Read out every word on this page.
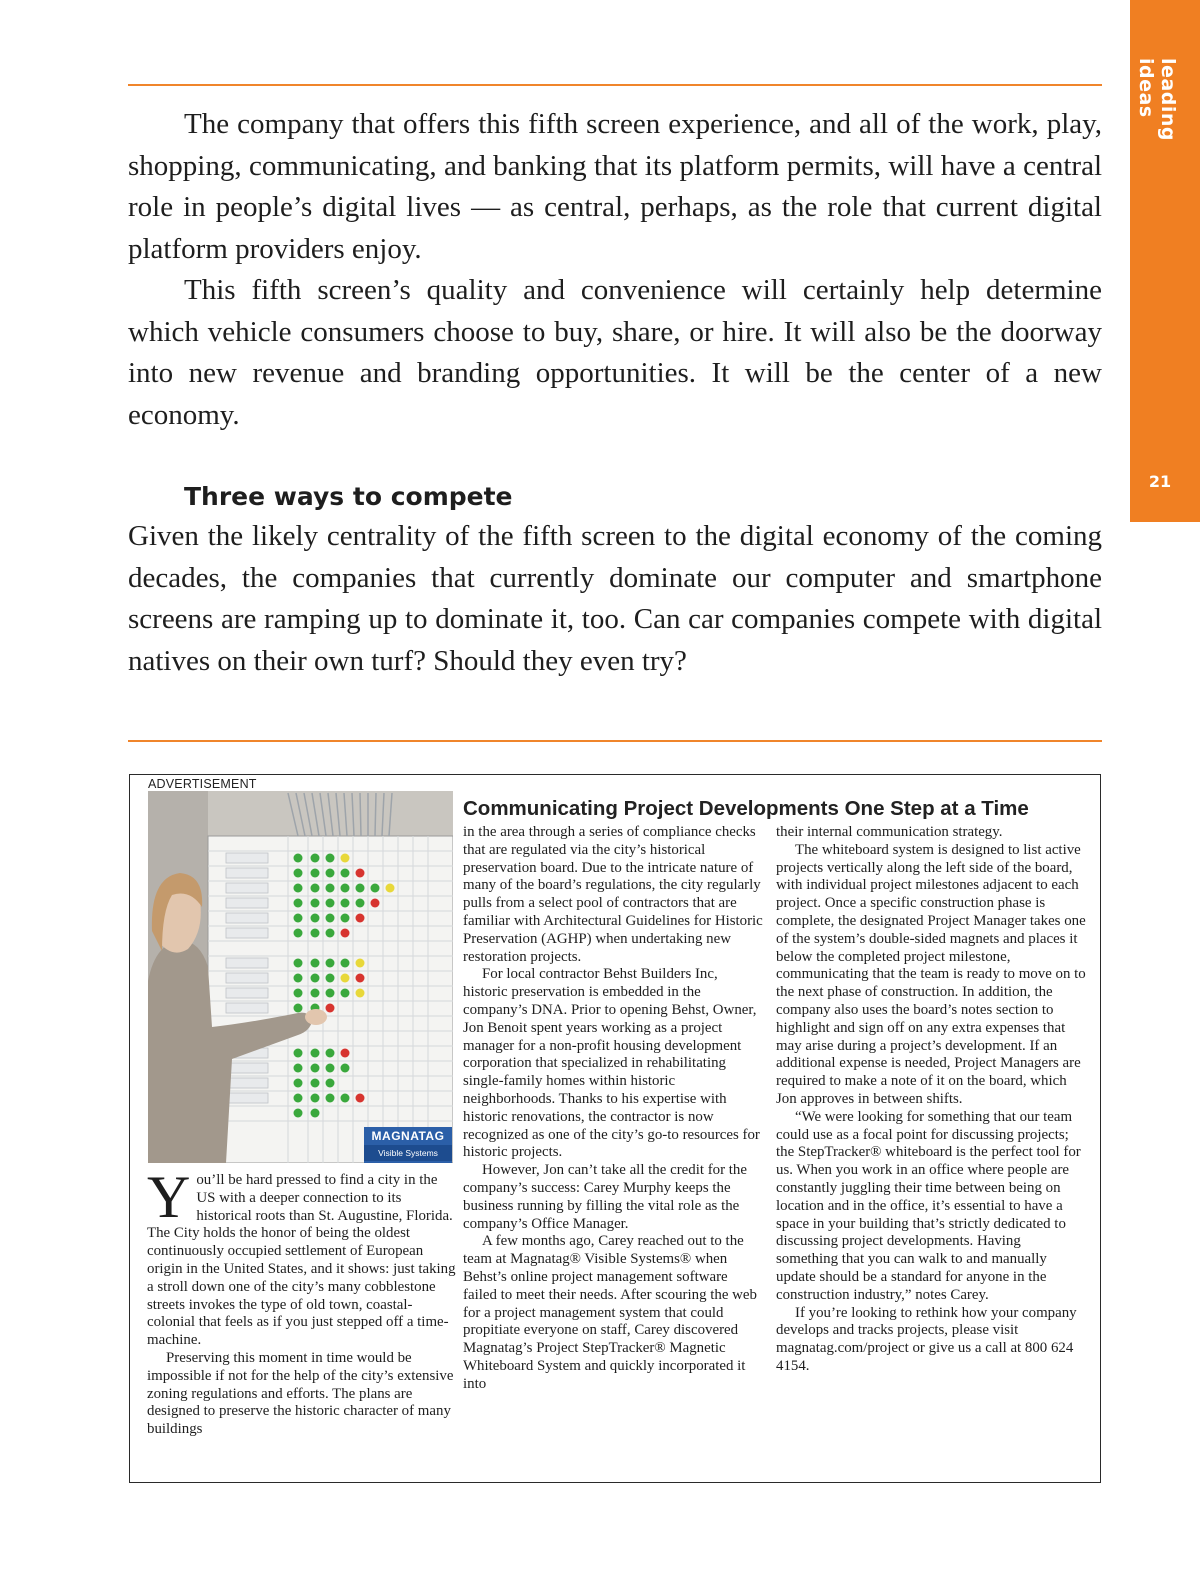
leading ideas
21

The company that offers this fifth screen experience, and all of the work, play, shopping, communicating, and banking that its platform permits, will have a central role in people’s digital lives — as central, perhaps, as the role that current digital platform providers enjoy.

This fifth screen’s quality and convenience will certainly help determine which vehicle consumers choose to buy, share, or hire. It will also be the doorway into new revenue and branding opportunities. It will be the center of a new economy.

Three ways to compete

Given the likely centrality of the fifth screen to the digital economy of the coming decades, the companies that currently dominate our computer and smartphone screens are ramping up to dominate it, too. Can car companies compete with digital natives on their own turf? Should they even try?

ADVERTISEMENT
Communicating Project Developments One Step at a Time
MAGNATAG
Visible Systems

You’ll be hard pressed to find a city in the US with a deeper connection to its historical roots than St. Augustine, Florida. The City holds the honor of being the oldest continuously occupied settlement of European origin in the United States, and it shows: just taking a stroll down one of the city’s many cobblestone streets invokes the type of old town, coastal-colonial that feels as if you just stepped off a time-machine.

Preserving this moment in time would be impossible if not for the help of the city’s extensive zoning regulations and efforts. The plans are designed to preserve the historic character of many buildings

in the area through a series of compliance checks that are regulated via the city’s historical preservation board. Due to the intricate nature of many of the board’s regulations, the city regularly pulls from a select pool of contractors that are familiar with Architectural Guidelines for Historic Preservation (AGHP) when undertaking new restoration projects.

For local contractor Behst Builders Inc, historic preservation is embedded in the company’s DNA. Prior to opening Behst, Owner, Jon Benoit spent years working as a project manager for a non-profit housing development corporation that specialized in rehabilitating single-family homes within historic neighborhoods. Thanks to his expertise with historic renovations, the contractor is now recognized as one of the city’s go-to resources for historic projects.

However, Jon can’t take all the credit for the company’s success: Carey Murphy keeps the business running by filling the vital role as the company’s Office Manager.

A few months ago, Carey reached out to the team at Magnatag® Visible Systems® when Behst’s online project management software failed to meet their needs. After scouring the web for a project management system that could propitiate everyone on staff, Carey discovered Magnatag’s Project StepTracker® Magnetic Whiteboard System and quickly incorporated it into

their internal communication strategy.

The whiteboard system is designed to list active projects vertically along the left side of the board, with individual project milestones adjacent to each project. Once a specific construction phase is complete, the designated Project Manager takes one of the system’s double-sided magnets and places it below the completed project milestone, communicating that the team is ready to move on to the next phase of construction. In addition, the company also uses the board’s notes section to highlight and sign off on any extra expenses that may arise during a project’s development. If an additional expense is needed, Project Managers are required to make a note of it on the board, which Jon approves in between shifts.

“We were looking for something that our team could use as a focal point for discussing projects; the StepTracker® whiteboard is the perfect tool for us. When you work in an office where people are constantly juggling their time between being on location and in the office, it’s essential to have a space in your building that’s strictly dedicated to discussing project developments. Having something that you can walk to and manually update should be a standard for anyone in the construction industry,” notes Carey.

If you’re looking to rethink how your company develops and tracks projects, please visit magnatag.com/project or give us a call at 800 624 4154.
